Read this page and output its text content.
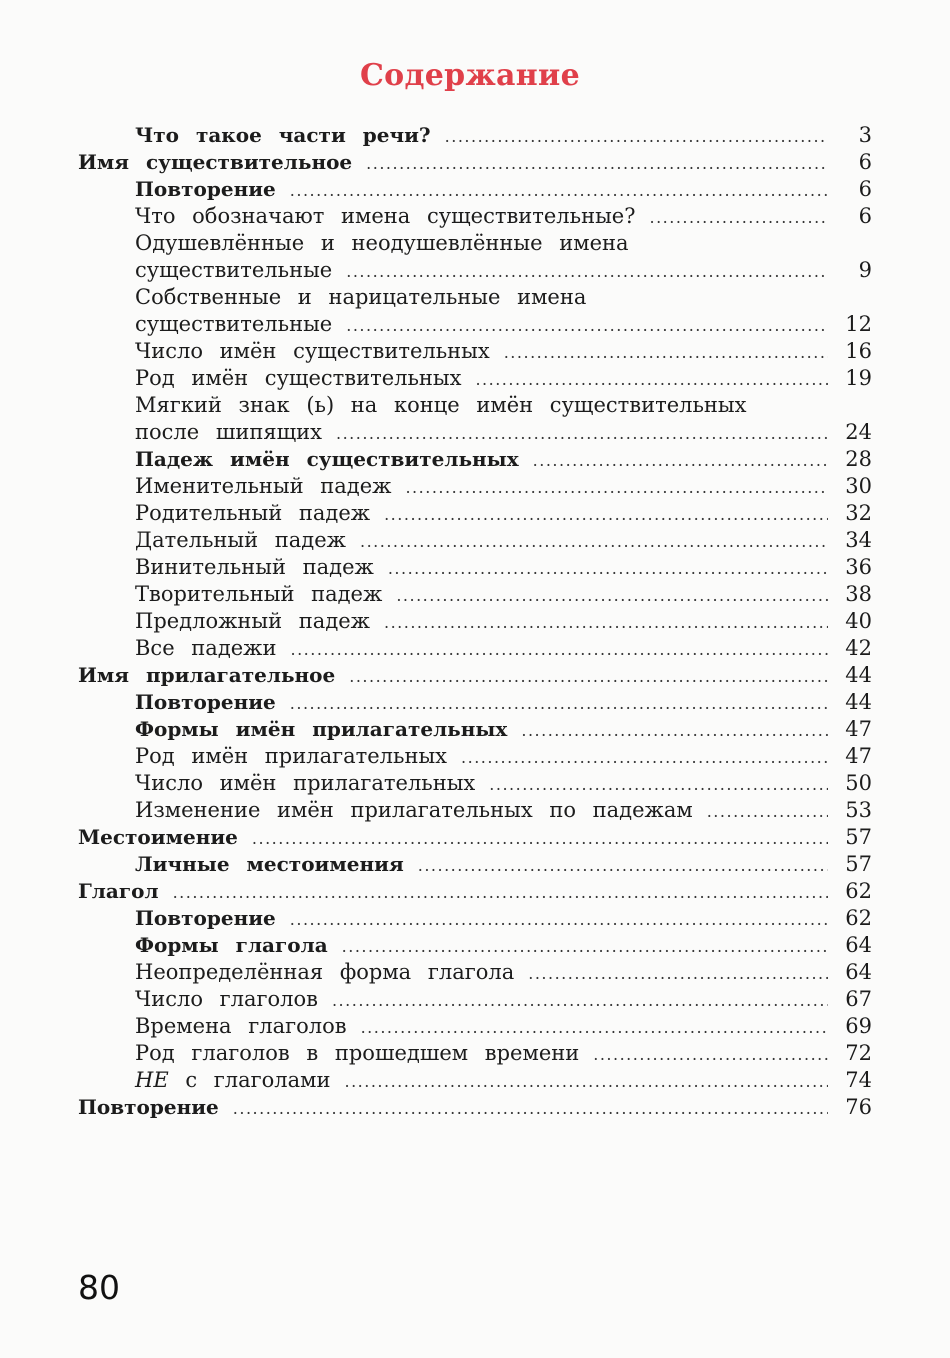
Содержание
Что такое части речи? .....	3
Имя существительное .....	6
Повторение .....	6
Что обозначают имена существительные? .....	6
Одушевлённые и неодушевлённые имена
существительные .....	9
Собственные и нарицательные имена
существительные .....	12
Число имён существительных .....	16
Род имён существительных .....	19
Мягкий знак (ь) на конце имён существительных
после шипящих .....	24
Падеж имён существительных .....	28
Именительный падеж .....	30
Родительный падеж .....	32
Дательный падеж .....	34
Винительный падеж .....	36
Творительный падеж .....	38
Предложный падеж .....	40
Все падежи .....	42
Имя прилагательное .....	44
Повторение .....	44
Формы имён прилагательных .....	47
Род имён прилагательных .....	47
Число имён прилагательных .....	50
Изменение имён прилагательных по падежам .....	53
Местоимение .....	57
Личные местоимения .....	57
Глагол .....	62
Повторение .....	62
Формы глагола .....	64
Неопределённая форма глагола .....	64
Число глаголов .....	67
Времена глаголов .....	69
Род глаголов в прошедшем времени .....	72
НЕ с глаголами .....	74
Повторение .....	76

80
